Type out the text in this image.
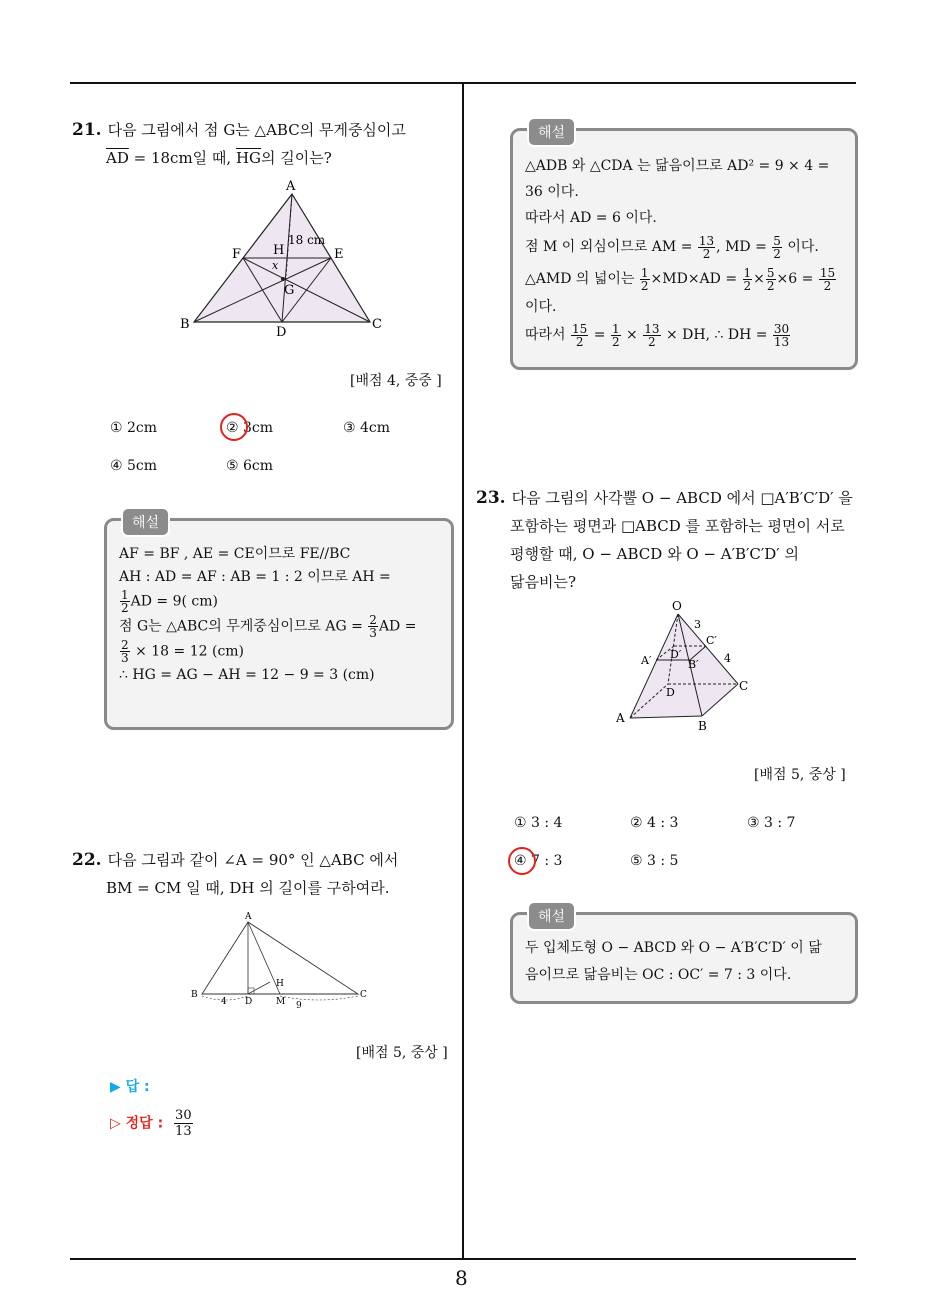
8
21. 다음 그림에서 점 G는 △ABC의 무게중심이고
$\overline{AD} = 18cm$일 때, $\overline{HG}$의 길이는?
A
B	C
D
E
F H
x
G
18 cm
[배점 4, 중중 ]
① 2cm	② 3cm	③ 4cm
④ 5cm	⑤ 6cm
해설
AF = BF , AE = CE이므로 FE//BC
AH : AD = AF : AB = 1 : 2 이므로 AH =
$\frac{1}{2}$ AD = 9( cm)
점 G는 △ABC의 무게중심이므로 AG = $\frac{2}{3}$ AD =
$\frac{2}{3} \times 18 = 12$ (cm)
∴ HG = AG − AH = 12 − 9 = 3 (cm)
22. 다음 그림과 같이 ∠A = 90° 인 △ABC 에서
BM = CM 일 때, DH 의 길이를 구하여라.
A
B	C
D
H
M
4	9
[배점 5, 중상 ]
▶ 답 :
▷ 정답 : $\frac{30}{13}$
해설
△ADB 와 △CDA 는 닮음이므로 AD² = 9 × 4 =
36 이다.
따라서 AD = 6 이다.
점 M 이 외심이므로 AM = $\frac{13}{2}$ , MD = $\frac{5}{2}$ 이다.
△AMD 의 넓이는 $\frac{1}{2} \times MD\times AD = \frac{1}{2} \times \frac{5}{2} \times 6 = \frac{15}{2}$
이다.
따라서 $\frac{15}{2} = \frac{1}{2} \times \frac{13}{2}$ × DH, ∴ DH = $\frac{30}{13}$
23. 다음 그림의 사각뿔 O − ABCD 에서 □A′B′C′D′ 을
포함하는 평면과 □ABCD 를 포함하는 평면이 서로
평행할 때, O − ABCD 와 O − A′B′C′D′ 의
닮음비는?
O
A
B
C
D
A′	B′
C′
D′
3
4
[배점 5, 중상 ]
① 3 : 4	② 4 : 3	③ 3 : 7
④ 7 : 3	⑤ 3 : 5
해설
두 입체도형 O − ABCD 와 O − A′B′C′D′ 이 닮
음이므로 닮음비는 OC : OC′ = 7 : 3 이다.
